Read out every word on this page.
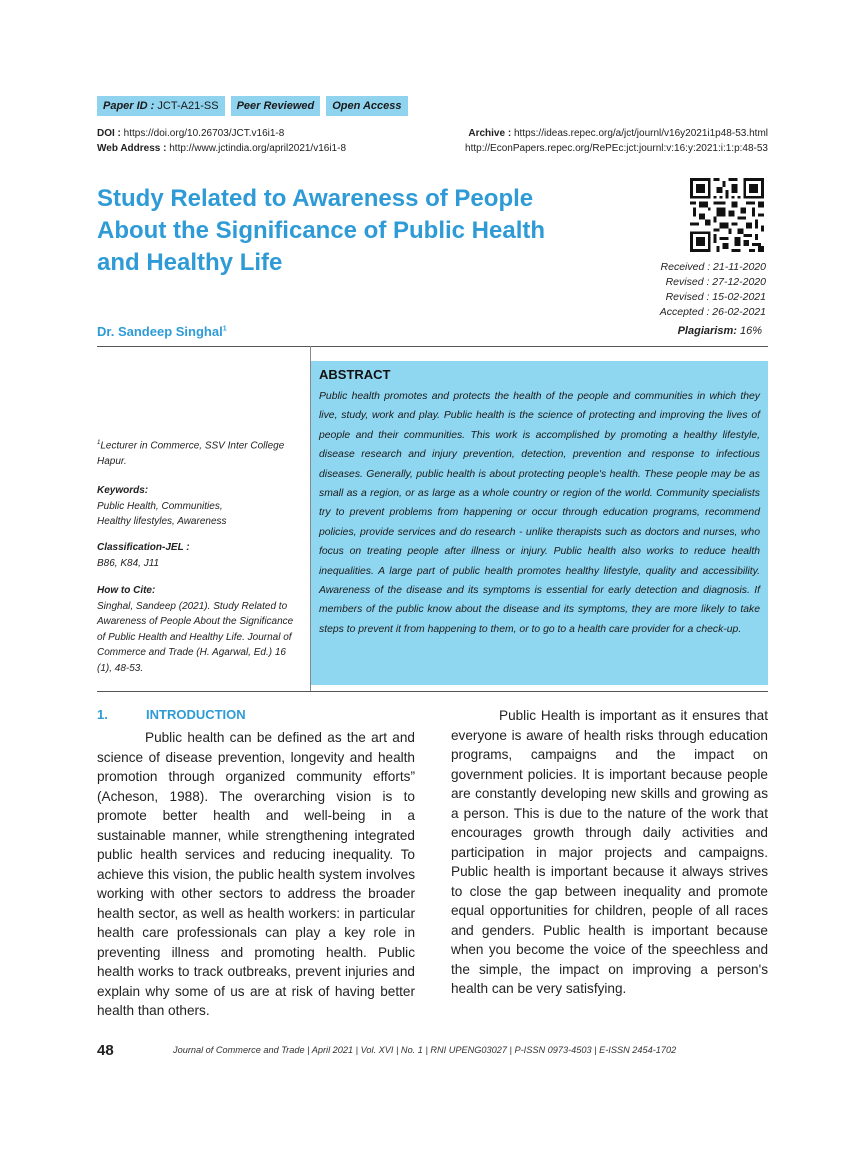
Paper ID : JCT-A21-SS	Peer Reviewed	Open Access
DOI : https://doi.org/10.26703/JCT.v16i1-8
Web Address : http://www.jctindia.org/april2021/v16i1-8
Archive : https://ideas.repec.org/a/jct/journl/v16y2021i1p48-53.html
http://EconPapers.repec.org/RePEc:jct:journl:v:16:y:2021:i:1:p:48-53
Study Related to Awareness of People
About the Significance of Public Health
and Healthy Life	Received : 21-11-2020
Revised : 27-12-2020
Revised : 15-02-2021
Accepted : 26-02-2021
Plagiarism: 16%
Dr. Sandeep Singhal$^1$
$^1$Lecturer in Commerce, SSV Inter College Hapur.
Keywords:
Public Health, Communities, Healthy lifestyles, Awareness
Classification-JEL :
B86, K84, J11
How to Cite:
Singhal, Sandeep (2021). Study Related to Awareness of People About the Significance of Public Health and Healthy Life. Journal of Commerce and Trade (H. Agarwal, Ed.) 16 (1), 48-53.
ABSTRACT
Public health promotes and protects the health of the people and communities in which they live, study, work and play. Public health is the science of protecting and improving the lives of people and their communities. This work is accomplished by promoting a healthy lifestyle, disease research and injury prevention, detection, prevention and response to infectious diseases. Generally, public health is about protecting people's health. These people may be as small as a region, or as large as a whole country or region of the world. Community specialists try to prevent problems from happening or occur through education programs, recommend policies, provide services and do research - unlike therapists such as doctors and nurses, who focus on treating people after illness or injury. Public health also works to reduce health inequalities. A large part of public health promotes healthy lifestyle, quality and accessibility. Awareness of the disease and its symptoms is essential for early detection and diagnosis. If members of the public know about the disease and its symptoms, they are more likely to take steps to prevent it from happening to them, or to go to a health care provider for a check-up.
1.	INTRODUCTION
Public health can be defined as the art and science of disease prevention, longevity and health promotion through organized community efforts” (Acheson, 1988). The overarching vision is to promote better health and well-being in a sustainable manner, while strengthening integrated public health services and reducing inequality. To achieve this vision, the public health system involves working with other sectors to address the broader health sector, as well as health workers: in particular health care professionals can play a key role in preventing illness and promoting health. Public health works to track outbreaks, prevent injuries and explain why some of us are at risk of having better health than others.
Public Health is important as it ensures that everyone is aware of health risks through education programs, campaigns and the impact on government policies. It is important because people are constantly developing new skills and growing as a person. This is due to the nature of the work that encourages growth through daily activities and participation in major projects and campaigns. Public health is important because it always strives to close the gap between inequality and promote equal opportunities for children, people of all races and genders. Public health is important because when you become the voice of the speechless and the simple, the impact on improving a person's health can be very satisfying.
48	Journal of Commerce and Trade | April 2021 | Vol. XVI | No. 1 | RNI UPENG03027 | P-ISSN 0973-4503 | E-ISSN 2454-1702
